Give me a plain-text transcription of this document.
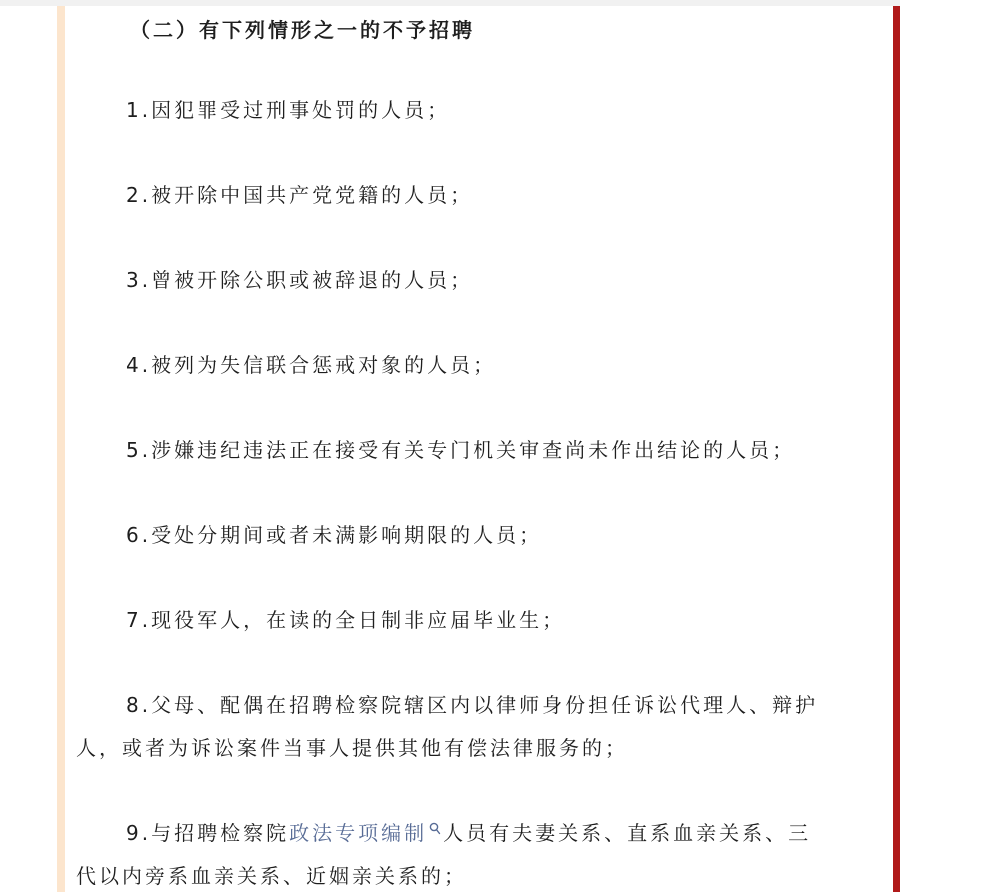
（二）有下列情形之一的不予招聘

1.因犯罪受过刑事处罚的人员；

2.被开除中国共产党党籍的人员；

3.曾被开除公职或被辞退的人员；

4.被列为失信联合惩戒对象的人员；

5.涉嫌违纪违法正在接受有关专门机关审查尚未作出结论的人员；

6.受处分期间或者未满影响期限的人员；

7.现役军人，在读的全日制非应届毕业生；

8.父母、配偶在招聘检察院辖区内以律师身份担任诉讼代理人、辩护
人，或者为诉讼案件当事人提供其他有偿法律服务的；

9.与招聘检察院政法专项编制 人员有夫妻关系、直系血亲关系、三
代以内旁系血亲关系、近姻亲关系的；
